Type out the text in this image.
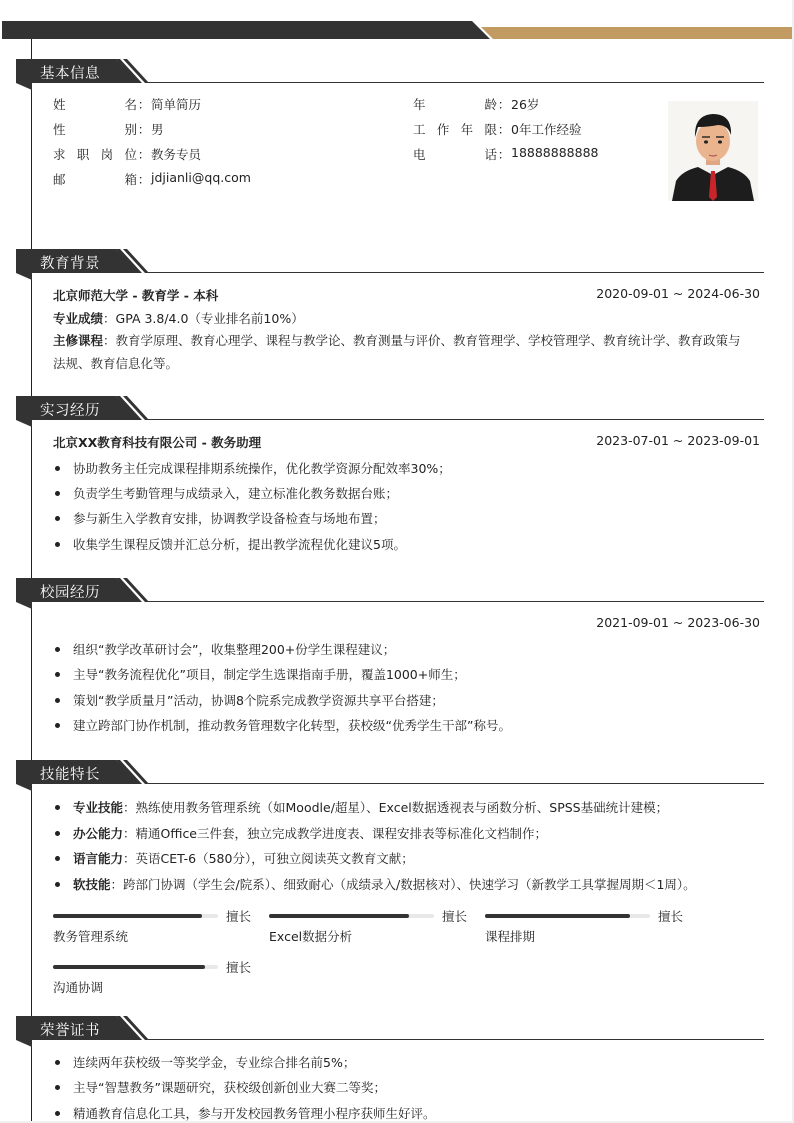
基本信息
姓名 ： 简单简历
性别 ： 男
求职岗位 ： 教务专员
邮箱 ： jdjianli@qq.com
年龄 ： 26岁
工作年限 ： 0年工作经验
电话 ： 18888888888
教育背景
北京师范大学 - 教育学 - 本科	2020-09-01 ~ 2024-06-30
专业成绩：GPA 3.8/4.0（专业排名前10%）
主修课程：教育学原理、教育心理学、课程与教学论、教育测量与评价、教育管理学、学校管理学、教育统计学、教育政策与
法规、教育信息化等。
实习经历
北京XX教育科技有限公司 - 教务助理	2023-07-01 ~ 2023-09-01
协助教务主任完成课程排期系统操作，优化教学资源分配效率30%；
负责学生考勤管理与成绩录入，建立标准化教务数据台账；
参与新生入学教育安排，协调教学设备检查与场地布置；
收集学生课程反馈并汇总分析，提出教学流程优化建议5项。
校园经历
2021-09-01 ~ 2023-06-30
组织“教学改革研讨会”，收集整理200+份学生课程建议；
主导“教务流程优化”项目，制定学生选课指南手册，覆盖1000+师生；
策划“教学质量月”活动，协调8个院系完成教学资源共享平台搭建；
建立跨部门协作机制，推动教务管理数字化转型，获校级“优秀学生干部”称号。
技能特长
专业技能：熟练使用教务管理系统（如Moodle/超星）、Excel数据透视表与函数分析、SPSS基础统计建模；
办公能力：精通Office三件套，独立完成教学进度表、课程安排表等标准化文档制作；
语言能力：英语CET-6（580分），可独立阅读英文教育文献；
软技能：跨部门协调（学生会/院系）、细致耐心（成绩录入/数据核对）、快速学习（新教学工具掌握周期＜1周）。
擅长
教务管理系统
擅长
Excel数据分析
擅长
课程排期
擅长
沟通协调
荣誉证书
连续两年获校级一等奖学金，专业综合排名前5%；
主导“智慧教务”课题研究，获校级创新创业大赛二等奖；
精通教育信息化工具，参与开发校园教务管理小程序获师生好评。
